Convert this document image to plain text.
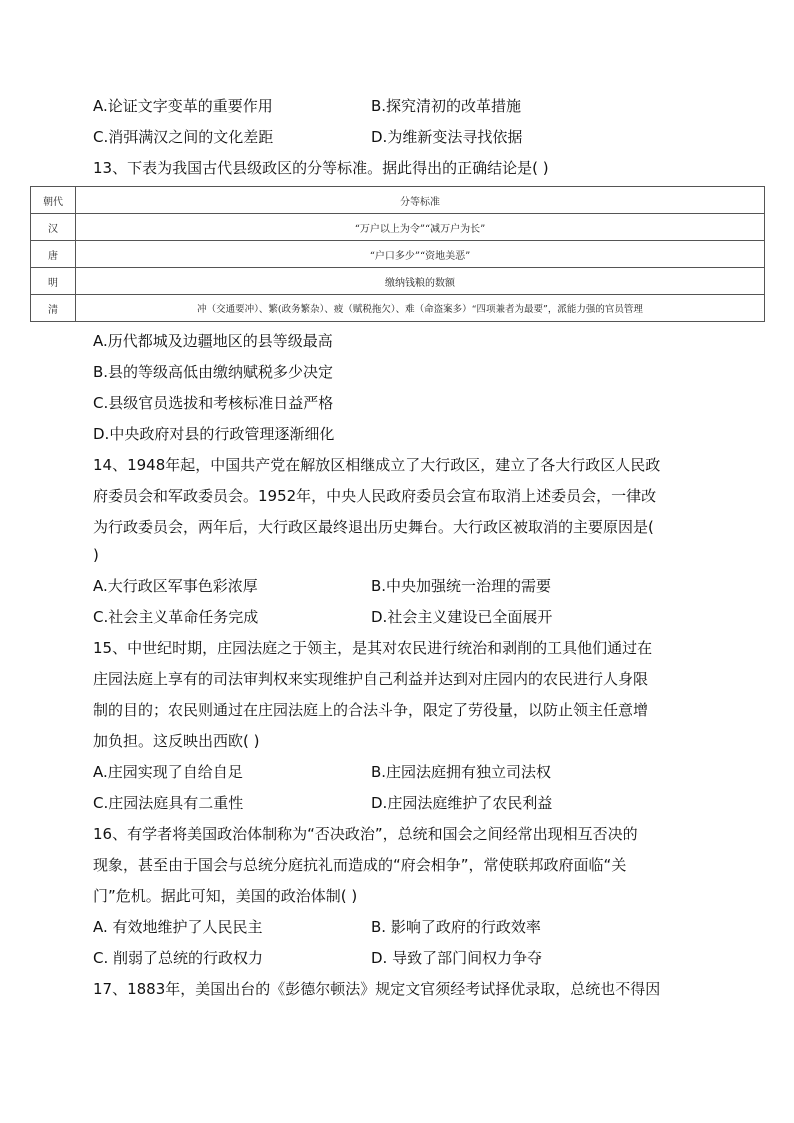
A.论证文字变革的重要作用	B.探究清初的改革措施
C.消弭满汉之间的文化差距	D.为维新变法寻找依据
13、下表为我国古代县级政区的分等标准。据此得出的正确结论是( )
朝代	分等标准
汉	“万户以上为令”“减万户为长”
唐	“户口多少”“资地美恶”
明	缴纳钱粮的数额
清	冲（交通要冲）、繁(政务繁杂）、疲（赋税拖欠）、难（命盗案多）“四项兼者为最要”，派能力强的官员管理
A.历代都城及边疆地区的县等级最高
B.县的等级高低由缴纳赋税多少决定
C.县级官员选拔和考核标准日益严格
D.中央政府对县的行政管理逐渐细化
14、1948年起，中国共产党在解放区相继成立了大行政区，建立了各大行政区人民政
府委员会和军政委员会。1952年，中央人民政府委员会宣布取消上述委员会，一律改
为行政委员会，两年后，大行政区最终退出历史舞台。大行政区被取消的主要原因是(
)
A.大行政区军事色彩浓厚	B.中央加强统一治理的需要
C.社会主义革命任务完成	D.社会主义建设已全面展开
15、中世纪时期，庄园法庭之于领主，是其对农民进行统治和剥削的工具他们通过在
庄园法庭上享有的司法审判权来实现维护自己利益并达到对庄园内的农民进行人身限
制的目的；农民则通过在庄园法庭上的合法斗争，限定了劳役量，以防止领主任意增
加负担。这反映出西欧( )
A.庄园实现了自给自足	B.庄园法庭拥有独立司法权
C.庄园法庭具有二重性	D.庄园法庭维护了农民利益
16、有学者将美国政治体制称为“否决政治”，总统和国会之间经常出现相互否决的
现象，甚至由于国会与总统分庭抗礼而造成的“府会相争”，常使联邦政府面临“关
门”危机。据此可知，美国的政治体制( )
A. 有效地维护了人民民主	B. 影响了政府的行政效率
C. 削弱了总统的行政权力	D. 导致了部门间权力争夺
17、1883年，美国出台的《彭德尔顿法》规定文官须经考试择优录取，总统也不得因
